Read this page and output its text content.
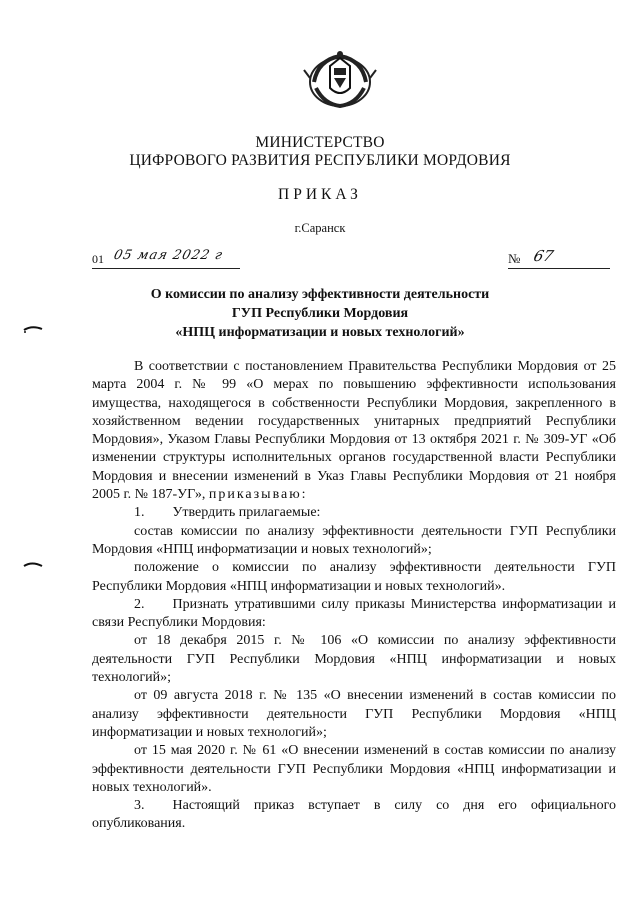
МИНИСТЕРСТВО
ЦИФРОВОГО РАЗВИТИЯ РЕСПУБЛИКИ МОРДОВИЯ
ПРИКАЗ
г.Саранск
01 05 мая 2022 г	№ 67
О комиссии по анализу эффективности деятельности
ГУП Республики Мордовия
«НПЦ информатизации и новых технологий»

В соответствии с постановлением Правительства Республики Мордовия от 25 марта 2004 г. № 99 «О мерах по повышению эффективности использования имущества, находящегося в собственности Республики Мордовия, закрепленного в хозяйственном ведении государственных унитарных предприятий Республики Мордовия», Указом Главы Республики Мордовия от 13 октября 2021 г. № 309-УГ «Об изменении структуры исполнительных органов государственной власти Республики Мордовия и внесении изменений в Указ Главы Республики Мордовия от 21 ноября 2005 г. № 187-УГ», приказываю:

1.  Утвердить прилагаемые:

состав комиссии по анализу эффективности деятельности ГУП Республики Мордовия «НПЦ информатизации и новых технологий»;

положение о комиссии по анализу эффективности деятельности ГУП Республики Мордовия «НПЦ информатизации и новых технологий».

2.  Признать утратившими силу приказы Министерства информатизации и связи Республики Мордовия:

от 18 декабря 2015 г. № 106 «О комиссии по анализу эффективности деятельности ГУП Республики Мордовия «НПЦ информатизации и новых технологий»;

от 09 августа 2018 г. № 135 «О внесении изменений в состав комиссии по анализу эффективности деятельности ГУП Республики Мордовия «НПЦ информатизации и новых технологий»;

от 15 мая 2020 г. № 61 «О внесении изменений в состав комиссии по анализу эффективности деятельности ГУП Республики Мордовия «НПЦ информатизации и новых технологий».

3.  Настоящий приказ вступает в силу со дня его официального опубликования.
